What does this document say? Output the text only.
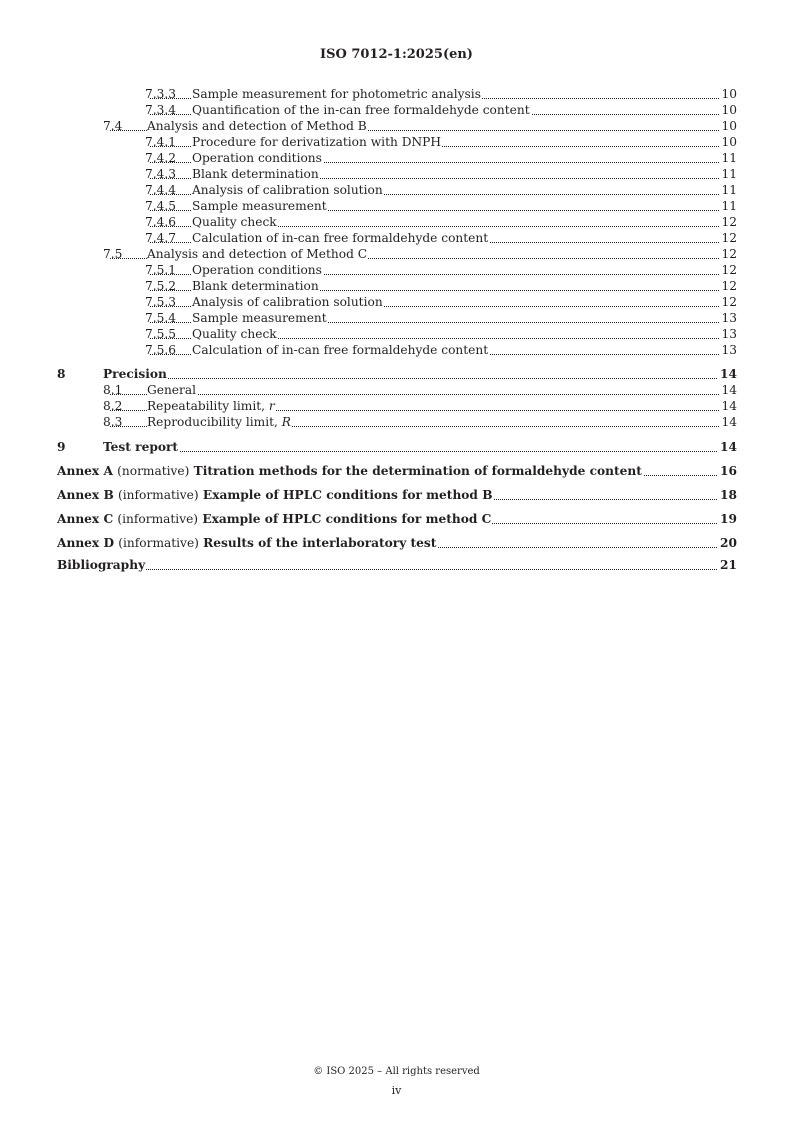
ISO 7012-1:2025(en)
7.3.3 Sample measurement for photometric analysis	10
7.3.4 Quantification of the in-can free formaldehyde content	10
7.4 Analysis and detection of Method B	10
7.4.1 Procedure for derivatization with DNPH	10
7.4.2 Operation conditions	11
7.4.3 Blank determination	11
7.4.4 Analysis of calibration solution	11
7.4.5 Sample measurement	11
7.4.6 Quality check	12
7.4.7 Calculation of in-can free formaldehyde content	12
7.5 Analysis and detection of Method C	12
7.5.1 Operation conditions	12
7.5.2 Blank determination	12
7.5.3 Analysis of calibration solution	12
7.5.4 Sample measurement	13
7.5.5 Quality check	13
7.5.6 Calculation of in-can free formaldehyde content	13
8	Precision	14
8.1 General	14
8.2 Repeatability limit, r	14
8.3 Reproducibility limit, R	14
9	Test report	14
Annex A (normative) Titration methods for the determination of formaldehyde content	16
Annex B (informative) Example of HPLC conditions for method B	18
Annex C (informative) Example of HPLC conditions for method C	19
Annex D (informative) Results of the interlaboratory test	20
Bibliography	21
© ISO 2025 – All rights reserved
iv
